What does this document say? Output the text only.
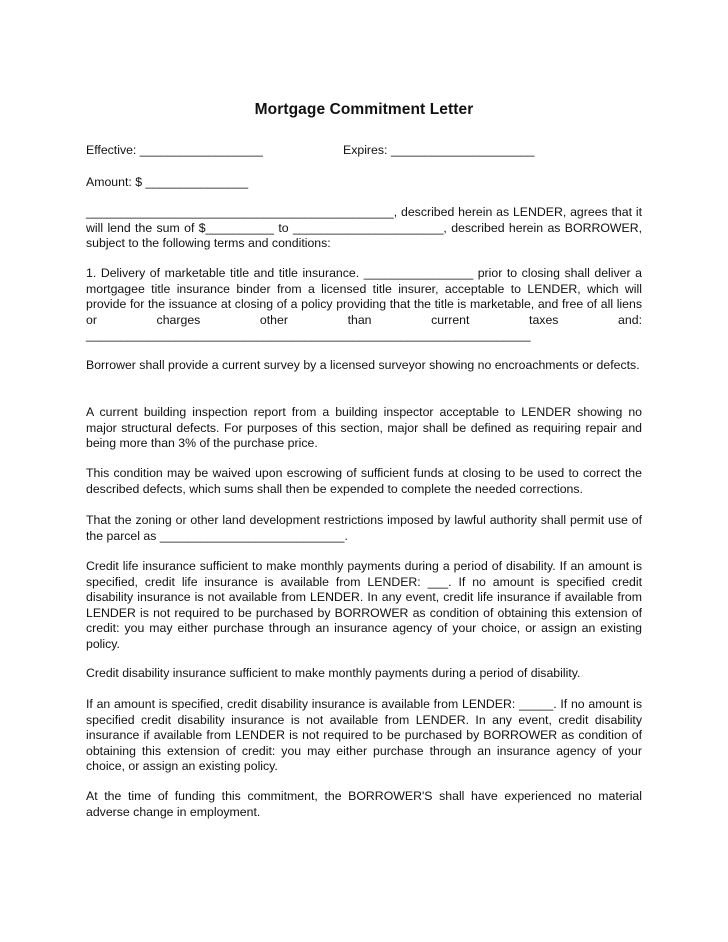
Mortgage Commitment Letter
Effective: __________________	Expires: _____________________
Amount: $ _______________

_____________________________________________, described herein as LENDER, agrees that it will lend the sum of $__________ to ______________________, described herein as BORROWER, subject to the following terms and conditions:

1. Delivery of marketable title and title insurance. ________________ prior to closing shall deliver a mortgagee title insurance binder from a licensed title insurer, acceptable to LENDER, which will provide for the issuance at closing of a policy providing that the title is marketable, and free of all liens or charges other than current taxes and: _________________________________________________________________

Borrower shall provide a current survey by a licensed surveyor showing no encroachments or defects.

A current building inspection report from a building inspector acceptable to LENDER showing no major structural defects. For purposes of this section, major shall be defined as requiring repair and being more than 3% of the purchase price.

This condition may be waived upon escrowing of sufficient funds at closing to be used to correct the described defects, which sums shall then be expended to complete the needed corrections.

That the zoning or other land development restrictions imposed by lawful authority shall permit use of the parcel as ___________________________.

Credit life insurance sufficient to make monthly payments during a period of disability. If an amount is specified, credit life insurance is available from LENDER: ___. If no amount is specified credit disability insurance is not available from LENDER. In any event, credit life insurance if available from LENDER is not required to be purchased by BORROWER as condition of obtaining this extension of credit: you may either purchase through an insurance agency of your choice, or assign an existing policy.

Credit disability insurance sufficient to make monthly payments during a period of disability.

If an amount is specified, credit disability insurance is available from LENDER: _____. If no amount is specified credit disability insurance is not available from LENDER. In any event, credit disability insurance if available from LENDER is not required to be purchased by BORROWER as condition of obtaining this extension of credit: you may either purchase through an insurance agency of your choice, or assign an existing policy.

At the time of funding this commitment, the BORROWER'S shall have experienced no material adverse change in employment.
